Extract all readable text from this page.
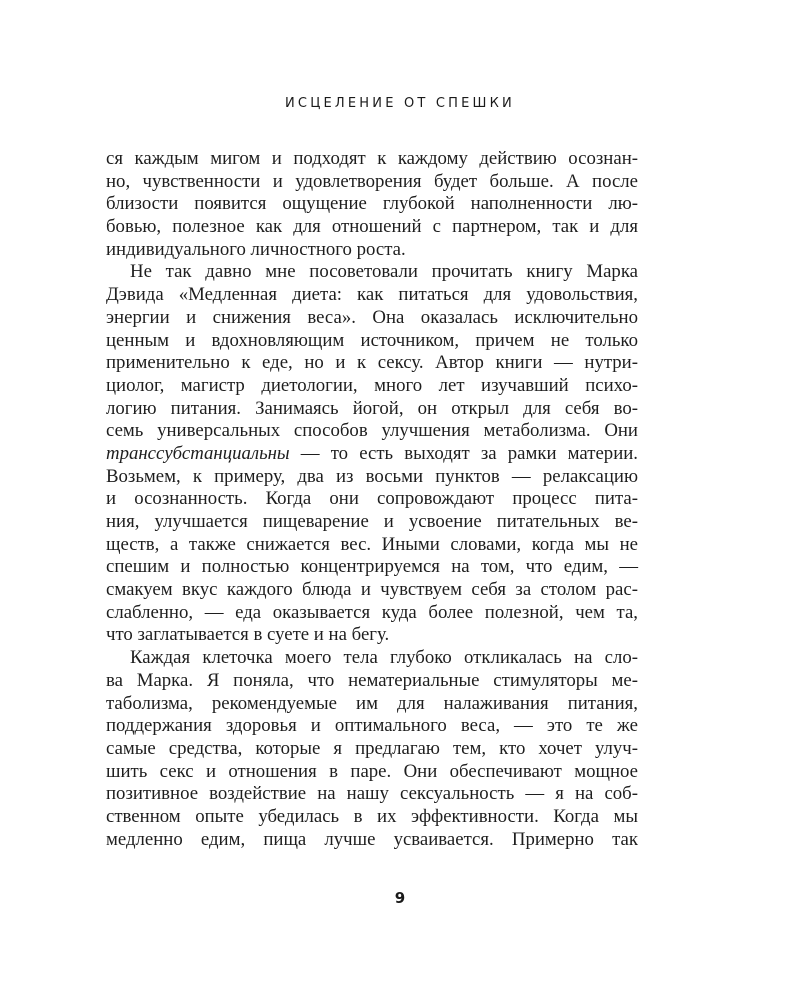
ИСЦЕЛЕНИЕ ОТ СПЕШКИ
ся каждым мигом и подходят к каждому действию осознан-
но, чувственности и удовлетворения будет больше. А после
близости появится ощущение глубокой наполненности лю-
бовью, полезное как для отношений с партнером, так и для
индивидуального личностного роста.
Не так давно мне посоветовали прочитать книгу Марка
Дэвида «Медленная диета: как питаться для удовольствия,
энергии и снижения веса». Она оказалась исключительно
ценным и вдохновляющим источником, причем не только
применительно к еде, но и к сексу. Автор книги — нутри-
циолог, магистр диетологии, много лет изучавший психо-
логию питания. Занимаясь йогой, он открыл для себя во-
семь универсальных способов улучшения метаболизма. Они
трансcубстанциальны — то есть выходят за рамки материи.
Возьмем, к примеру, два из восьми пунктов — релаксацию
и осознанность. Когда они сопровождают процесс пита-
ния, улучшается пищеварение и усвоение питательных ве-
ществ, а также снижается вес. Иными словами, когда мы не
спешим и полностью концентрируемся на том, что едим, —
смакуем вкус каждого блюда и чувствуем себя за столом рас-
слабленно, — еда оказывается куда более полезной, чем та,
что заглатывается в суете и на бегу.
Каждая клеточка моего тела глубоко откликалась на сло-
ва Марка. Я поняла, что нематериальные стимуляторы ме-
таболизма, рекомендуемые им для налаживания питания,
поддержания здоровья и оптимального веса, — это те же
самые средства, которые я предлагаю тем, кто хочет улуч-
шить секс и отношения в паре. Они обеспечивают мощное
позитивное воздействие на нашу сексуальность — я на соб-
ственном опыте убедилась в их эффективности. Когда мы
медленно едим, пища лучше усваивается. Примерно так
9
